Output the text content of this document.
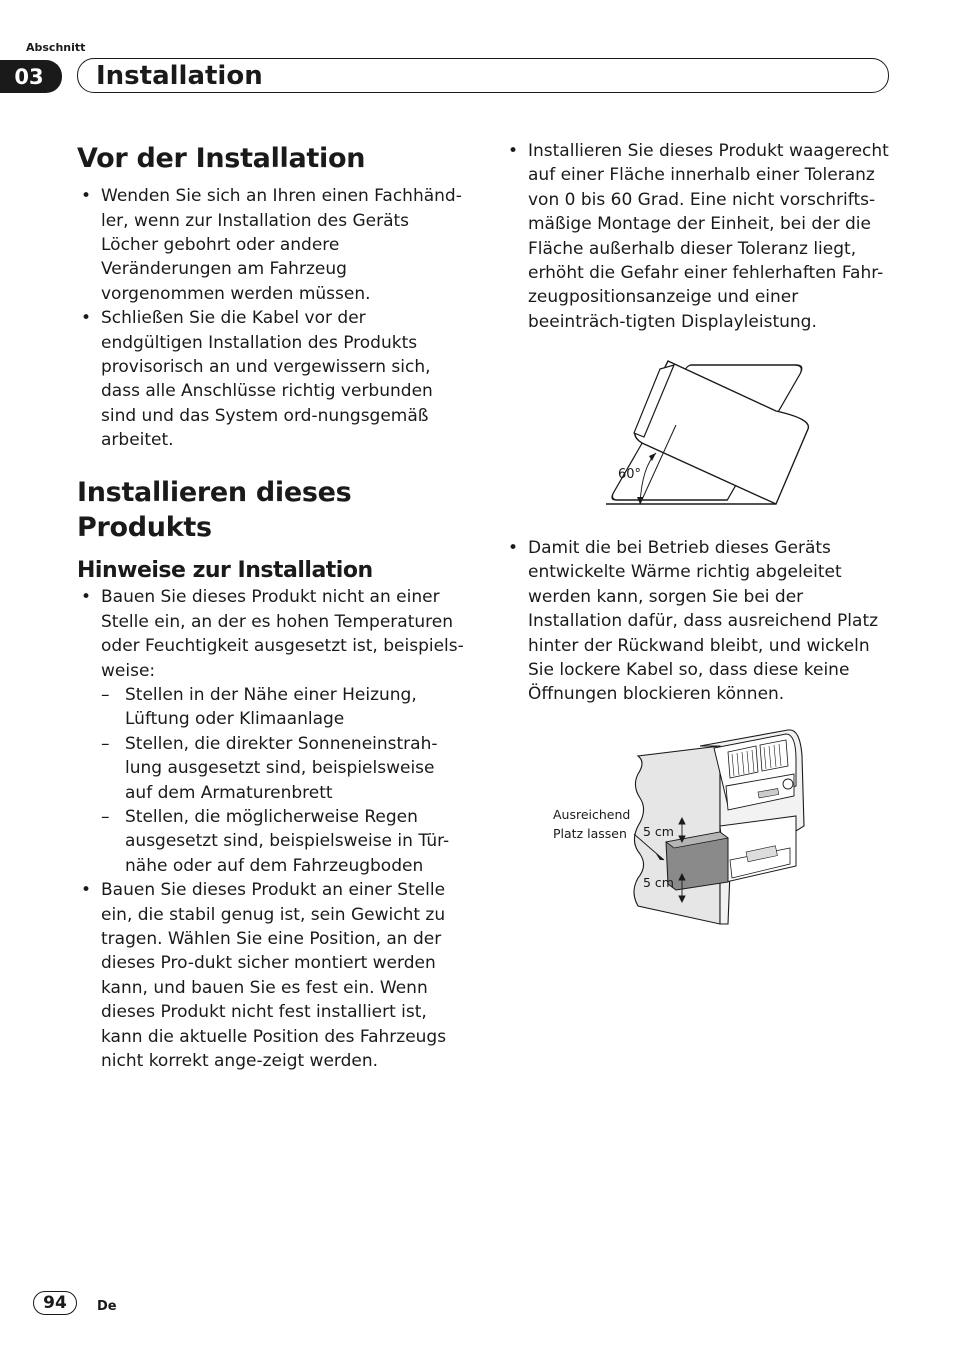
Abschnitt
03	Installation
Vor der Installation
• Wenden Sie sich an Ihren einen Fachhänd-ler, wenn zur Installation des Geräts Löcher gebohrt oder andere Veränderungen am Fahrzeug vorgenommen werden müssen.
• Schließen Sie die Kabel vor der endgültigen Installation des Produkts provisorisch an und vergewissern sich, dass alle Anschlüsse richtig verbunden sind und das System ord-nungsgemäß arbeitet.
Installieren dieses Produkts
Hinweise zur Installation
• Bauen Sie dieses Produkt nicht an einer Stelle ein, an der es hohen Temperaturen oder Feuchtigkeit ausgesetzt ist, beispiels-weise:
– Stellen in der Nähe einer Heizung, Lüftung oder Klimaanlage
– Stellen, die direkter Sonneneinstrah-lung ausgesetzt sind, beispielsweise auf dem Armaturenbrett
– Stellen, die möglicherweise Regen ausgesetzt sind, beispielsweise in Tür-nähe oder auf dem Fahrzeugboden
• Bauen Sie dieses Produkt an einer Stelle ein, die stabil genug ist, sein Gewicht zu tragen. Wählen Sie eine Position, an der dieses Pro-dukt sicher montiert werden kann, und bauen Sie es fest ein. Wenn dieses Produkt nicht fest installiert ist, kann die aktuelle Position des Fahrzeugs nicht korrekt ange-zeigt werden.
• Installieren Sie dieses Produkt waagerecht auf einer Fläche innerhalb einer Toleranz von 0 bis 60 Grad. Eine nicht vorschrifts-mäßige Montage der Einheit, bei der die Fläche außerhalb dieser Toleranz liegt, erhöht die Gefahr einer fehlerhaften Fahr-zeugpositionsanzeige und einer beeinträch-tigten Displayleistung.
60°
• Damit die bei Betrieb dieses Geräts entwickelte Wärme richtig abgeleitet werden kann, sorgen Sie bei der Installation dafür, dass ausreichend Platz hinter der Rückwand bleibt, und wickeln Sie lockere Kabel so, dass diese keine Öffnungen blockieren können.
Ausreichend
Platz lassen 5 cm
5 cm
94	De
